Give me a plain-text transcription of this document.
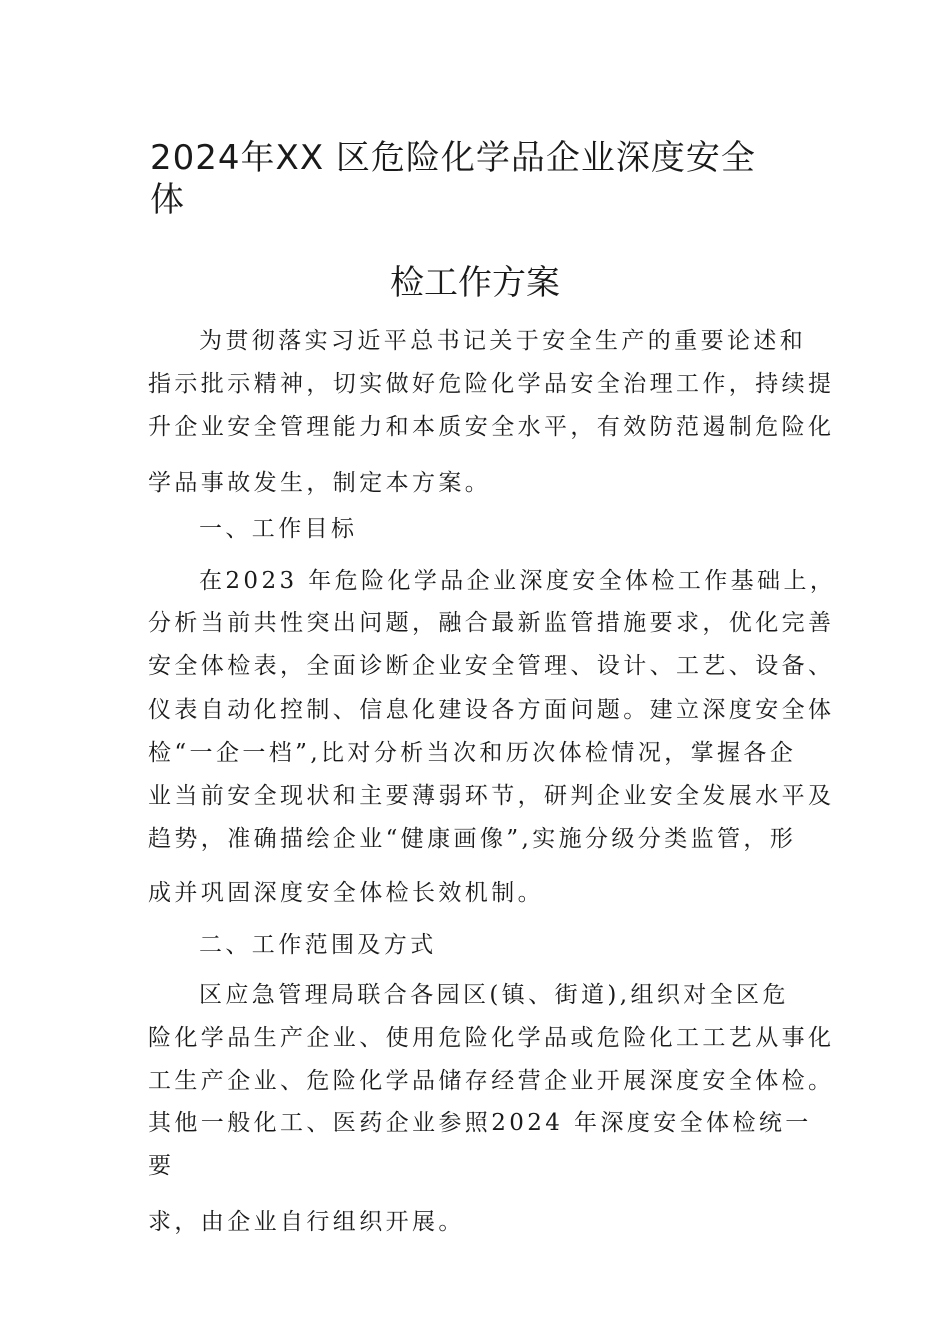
2024年XX 区危险化学品企业深度安全
体
检工作方案
为贯彻落实习近平总书记关于安全生产的重要论述和
指示批示精神，切实做好危险化学品安全治理工作，持续提
升企业安全管理能力和本质安全水平，有效防范遏制危险化
学品事故发生，制定本方案。
一、工作目标
在2023 年危险化学品企业深度安全体检工作基础上，
分析当前共性突出问题，融合最新监管措施要求，优化完善
安全体检表，全面诊断企业安全管理、设计、工艺、设备、
仪表自动化控制、信息化建设各方面问题。建立深度安全体
检“一企一档”,比对分析当次和历次体检情况，掌握各企
业当前安全现状和主要薄弱环节，研判企业安全发展水平及
趋势，准确描绘企业“健康画像”,实施分级分类监管，形
成并巩固深度安全体检长效机制。
二、工作范围及方式
区应急管理局联合各园区(镇、街道),组织对全区危
险化学品生产企业、使用危险化学品或危险化工工艺从事化
工生产企业、危险化学品储存经营企业开展深度安全体检。
其他一般化工、医药企业参照2024 年深度安全体检统一
要
求，由企业自行组织开展。
